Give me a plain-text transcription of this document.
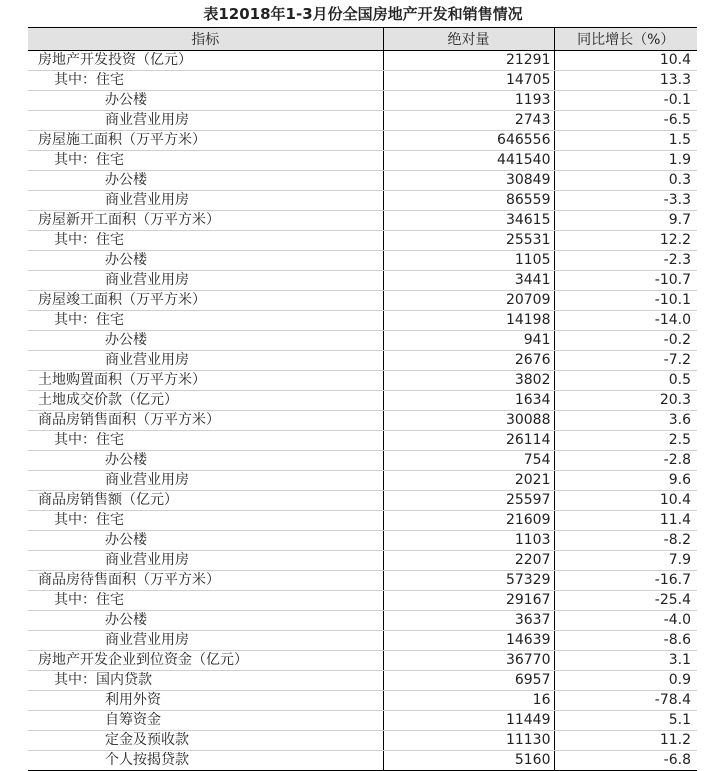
表12018年1-3月份全国房地产开发和销售情况
指标	绝对量	同比增长（%）
房地产开发投资（亿元）	21291	10.4
其中：住宅	14705	13.3
办公楼	1193	-0.1
商业营业用房	2743	-6.5
房屋施工面积（万平方米）	646556	1.5
其中：住宅	441540	1.9
办公楼	30849	0.3
商业营业用房	86559	-3.3
房屋新开工面积（万平方米）	34615	9.7
其中：住宅	25531	12.2
办公楼	1105	-2.3
商业营业用房	3441	-10.7
房屋竣工面积（万平方米）	20709	-10.1
其中：住宅	14198	-14.0
办公楼	941	-0.2
商业营业用房	2676	-7.2
土地购置面积（万平方米）	3802	0.5
土地成交价款（亿元）	1634	20.3
商品房销售面积（万平方米）	30088	3.6
其中：住宅	26114	2.5
办公楼	754	-2.8
商业营业用房	2021	9.6
商品房销售额（亿元）	25597	10.4
其中：住宅	21609	11.4
办公楼	1103	-8.2
商业营业用房	2207	7.9
商品房待售面积（万平方米）	57329	-16.7
其中：住宅	29167	-25.4
办公楼	3637	-4.0
商业营业用房	14639	-8.6
房地产开发企业到位资金（亿元）	36770	3.1
其中：国内贷款	6957	0.9
利用外资	16	-78.4
自筹资金	11449	5.1
定金及预收款	11130	11.2
个人按揭贷款	5160	-6.8
